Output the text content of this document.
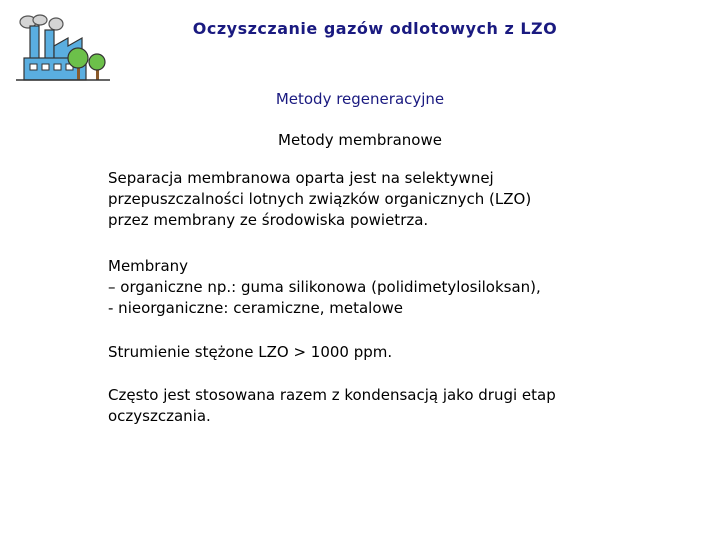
Oczyszczanie gazów odlotowych z LZO
Metody regeneracyjne
Metody membranowe
Separacja membranowa oparta jest na selektywnej
przepuszczalności lotnych związków organicznych (LZO)
przez membrany ze środowiska powietrza.
Membrany
– organiczne np.: guma silikonowa (polidimetylosiloksan),
- nieorganiczne: ceramiczne, metalowe
Strumienie stężone LZO > 1000 ppm.
Często jest stosowana razem z kondensacją jako drugi etap
oczyszczania.
